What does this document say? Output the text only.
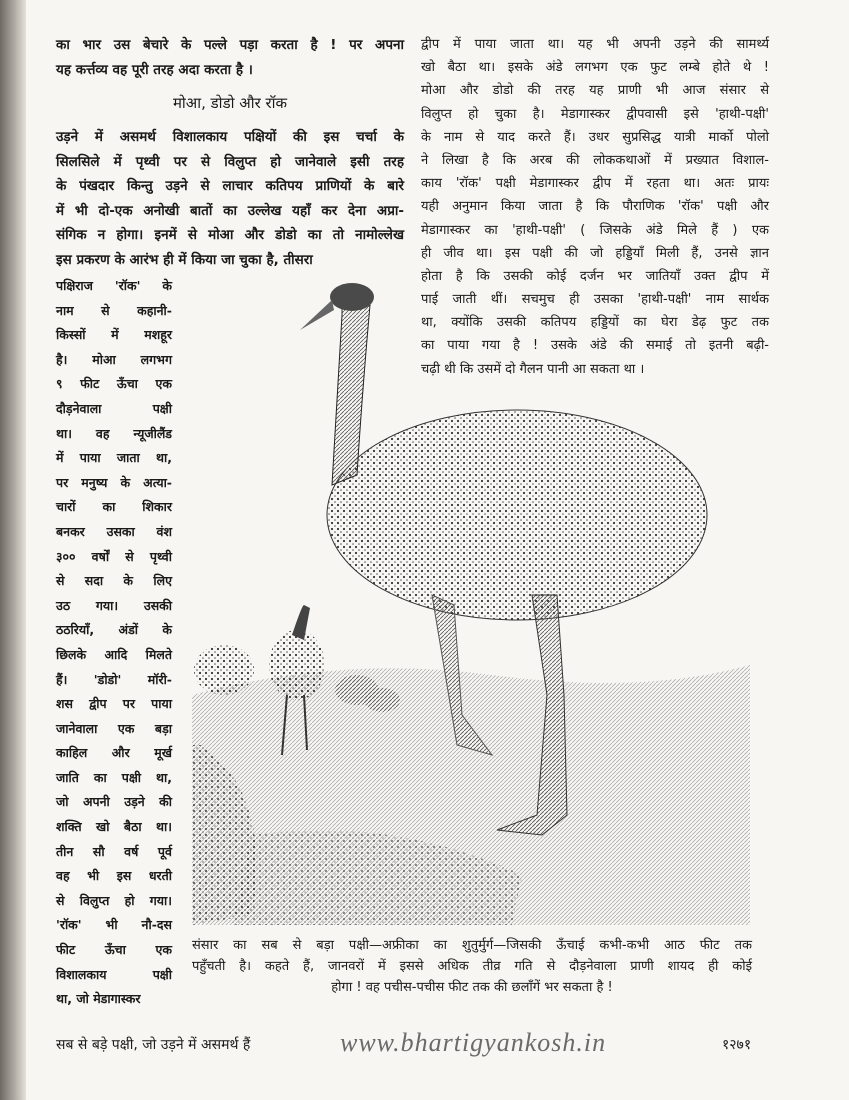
का भार उस बेचारे के पल्ले पड़ा करता है ! पर अपना
यह कर्त्तव्य वह पूरी तरह अदा करता है ।
मोआ, डोडो और रॉक
उड़ने में असमर्थ विशालकाय पक्षियों की इस चर्चा के
सिलसिले में पृथ्वी पर से विलुप्त हो जानेवाले इसी तरह
के पंखदार किन्तु उड़ने से लाचार कतिपय प्राणियों के बारे
में भी दो-एक अनोखी बातों का उल्लेख यहाँ कर देना अप्रा-
संगिक न होगा। इनमें से मोआ और डोडो का तो नामोल्लेख
इस प्रकरण के आरंभ ही में किया जा चुका है, तीसरा
पक्षिराज 'रॉक' के
नाम से कहानी-
किस्सों में मशहूर
है। मोआ लगभग
९ फीट ऊँचा एक
दौड़नेवाला पक्षी
था। वह न्यूजीलैंड
में पाया जाता था,
पर मनुष्य के अत्या-
चारों का शिकार
बनकर उसका वंश
३०० वर्षों से पृथ्वी
से सदा के लिए
उठ गया। उसकी
ठठरियाँ, अंडों के
छिलके आदि मिलते
हैं। 'डोडो' मॉरी-
शस द्वीप पर पाया
जानेवाला एक बड़ा
काहिल और मूर्ख
जाति का पक्षी था,
जो अपनी उड़ने की
शक्ति खो बैठा था।
तीन सौ वर्ष पूर्व
वह भी इस धरती
से विलुप्त हो गया।
'रॉक' भी नौ-दस
फीट ऊँचा एक
विशालकाय पक्षी
था, जो मेडागास्कर
द्वीप में पाया जाता था। यह भी अपनी उड़ने की सामर्थ्य
खो बैठा था। इसके अंडे लगभग एक फुट लम्बे होते थे !
मोआ और डोडो की तरह यह प्राणी भी आज संसार से
विलुप्त हो चुका है। मेडागास्कर द्वीपवासी इसे 'हाथी-पक्षी'
के नाम से याद करते हैं। उधर सुप्रसिद्ध यात्री मार्को पोलो
ने लिखा है कि अरब की लोककथाओं में प्रख्यात विशाल-
काय 'रॉक' पक्षी मेडागास्कर द्वीप में रहता था। अतः प्रायः
यही अनुमान किया जाता है कि पौराणिक 'रॉक' पक्षी और
मेडागास्कर का 'हाथी-पक्षी' ( जिसके अंडे मिले हैं ) एक
ही जीव था। इस पक्षी की जो हड्डियाँ मिली हैं, उनसे ज्ञान
होता है कि उसकी कोई दर्जन भर जातियाँ उक्त द्वीप में
पाई जाती थीं। सचमुच ही उसका 'हाथी-पक्षी' नाम सार्थक
था, क्योंकि उसकी कतिपय हड्डियों का घेरा डेढ़ फुट तक
का पाया गया है ! उसके अंडे की समाई तो इतनी बढ़ी-
चढ़ी थी कि उसमें दो गैलन पानी आ सकता था ।
संसार का सब से बड़ा पक्षी—अफ्रीका का शुतुर्मुर्ग—जिसकी ऊँचाई कभी-कभी आठ फीट तक
पहुँचती है। कहते हैं, जानवरों में इससे अधिक तीव्र गति से दौड़नेवाला प्राणी शायद ही कोई
होगा ! वह पचीस-पचीस फीट तक की छलाँगें भर सकता है !
सब से बड़े पक्षी, जो उड़ने में असमर्थ हैं	www.bhartigyankosh.in	१२७१
